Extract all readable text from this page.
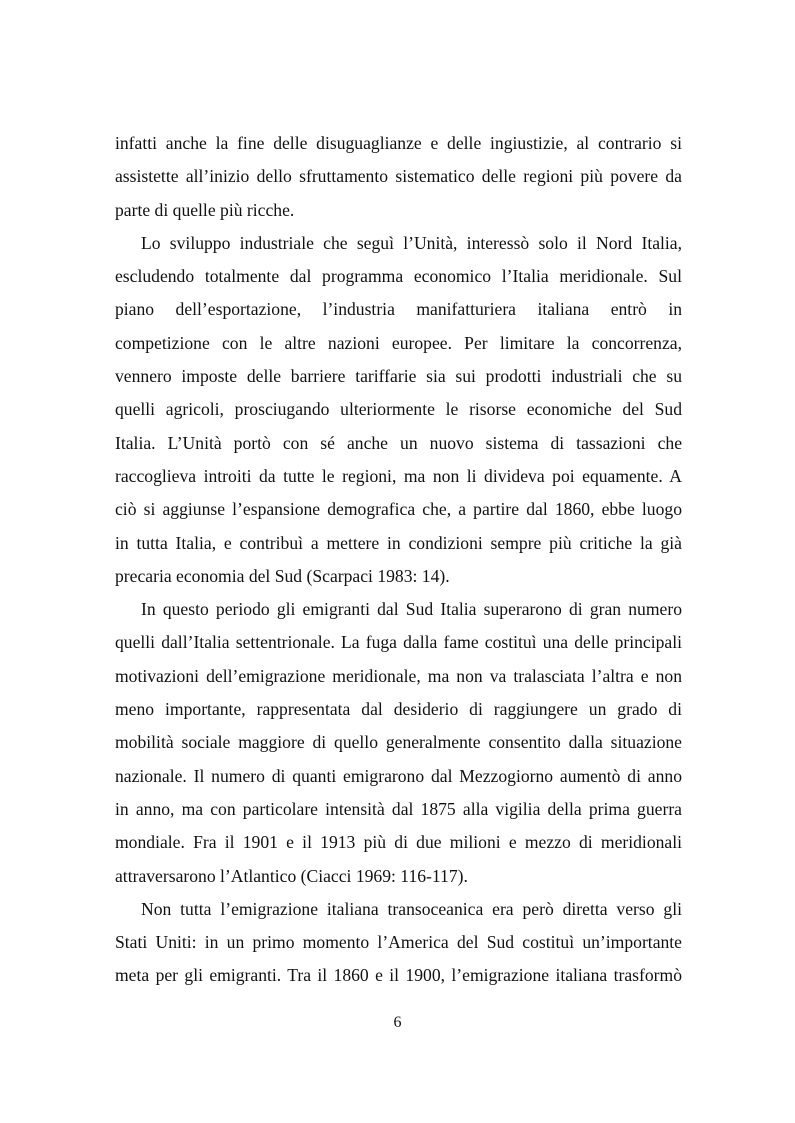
infatti anche la fine delle disuguaglianze e delle ingiustizie, al contrario si
assistette all’inizio dello sfruttamento sistematico delle regioni più povere da
parte di quelle più ricche.
Lo sviluppo industriale che seguì l’Unità, interessò solo il Nord Italia,
escludendo totalmente dal programma economico l’Italia meridionale. Sul
piano dell’esportazione, l’industria manifatturiera italiana entrò in
competizione con le altre nazioni europee. Per limitare la concorrenza,
vennero imposte delle barriere tariffarie sia sui prodotti industriali che su
quelli agricoli, prosciugando ulteriormente le risorse economiche del Sud
Italia. L’Unità portò con sé anche un nuovo sistema di tassazioni che
raccoglieva introiti da tutte le regioni, ma non li divideva poi equamente. A
ciò si aggiunse l’espansione demografica che, a partire dal 1860, ebbe luogo
in tutta Italia, e contribuì a mettere in condizioni sempre più critiche la già
precaria economia del Sud (Scarpaci 1983: 14).
In questo periodo gli emigranti dal Sud Italia superarono di gran numero
quelli dall’Italia settentrionale. La fuga dalla fame costituì una delle principali
motivazioni dell’emigrazione meridionale, ma non va tralasciata l’altra e non
meno importante, rappresentata dal desiderio di raggiungere un grado di
mobilità sociale maggiore di quello generalmente consentito dalla situazione
nazionale. Il numero di quanti emigrarono dal Mezzogiorno aumentò di anno
in anno, ma con particolare intensità dal 1875 alla vigilia della prima guerra
mondiale. Fra il 1901 e il 1913 più di due milioni e mezzo di meridionali
attraversarono l’Atlantico (Ciacci 1969: 116-117).
Non tutta l’emigrazione italiana transoceanica era però diretta verso gli
Stati Uniti: in un primo momento l’America del Sud costituì un’importante
meta per gli emigranti. Tra il 1860 e il 1900, l’emigrazione italiana trasformò
6
